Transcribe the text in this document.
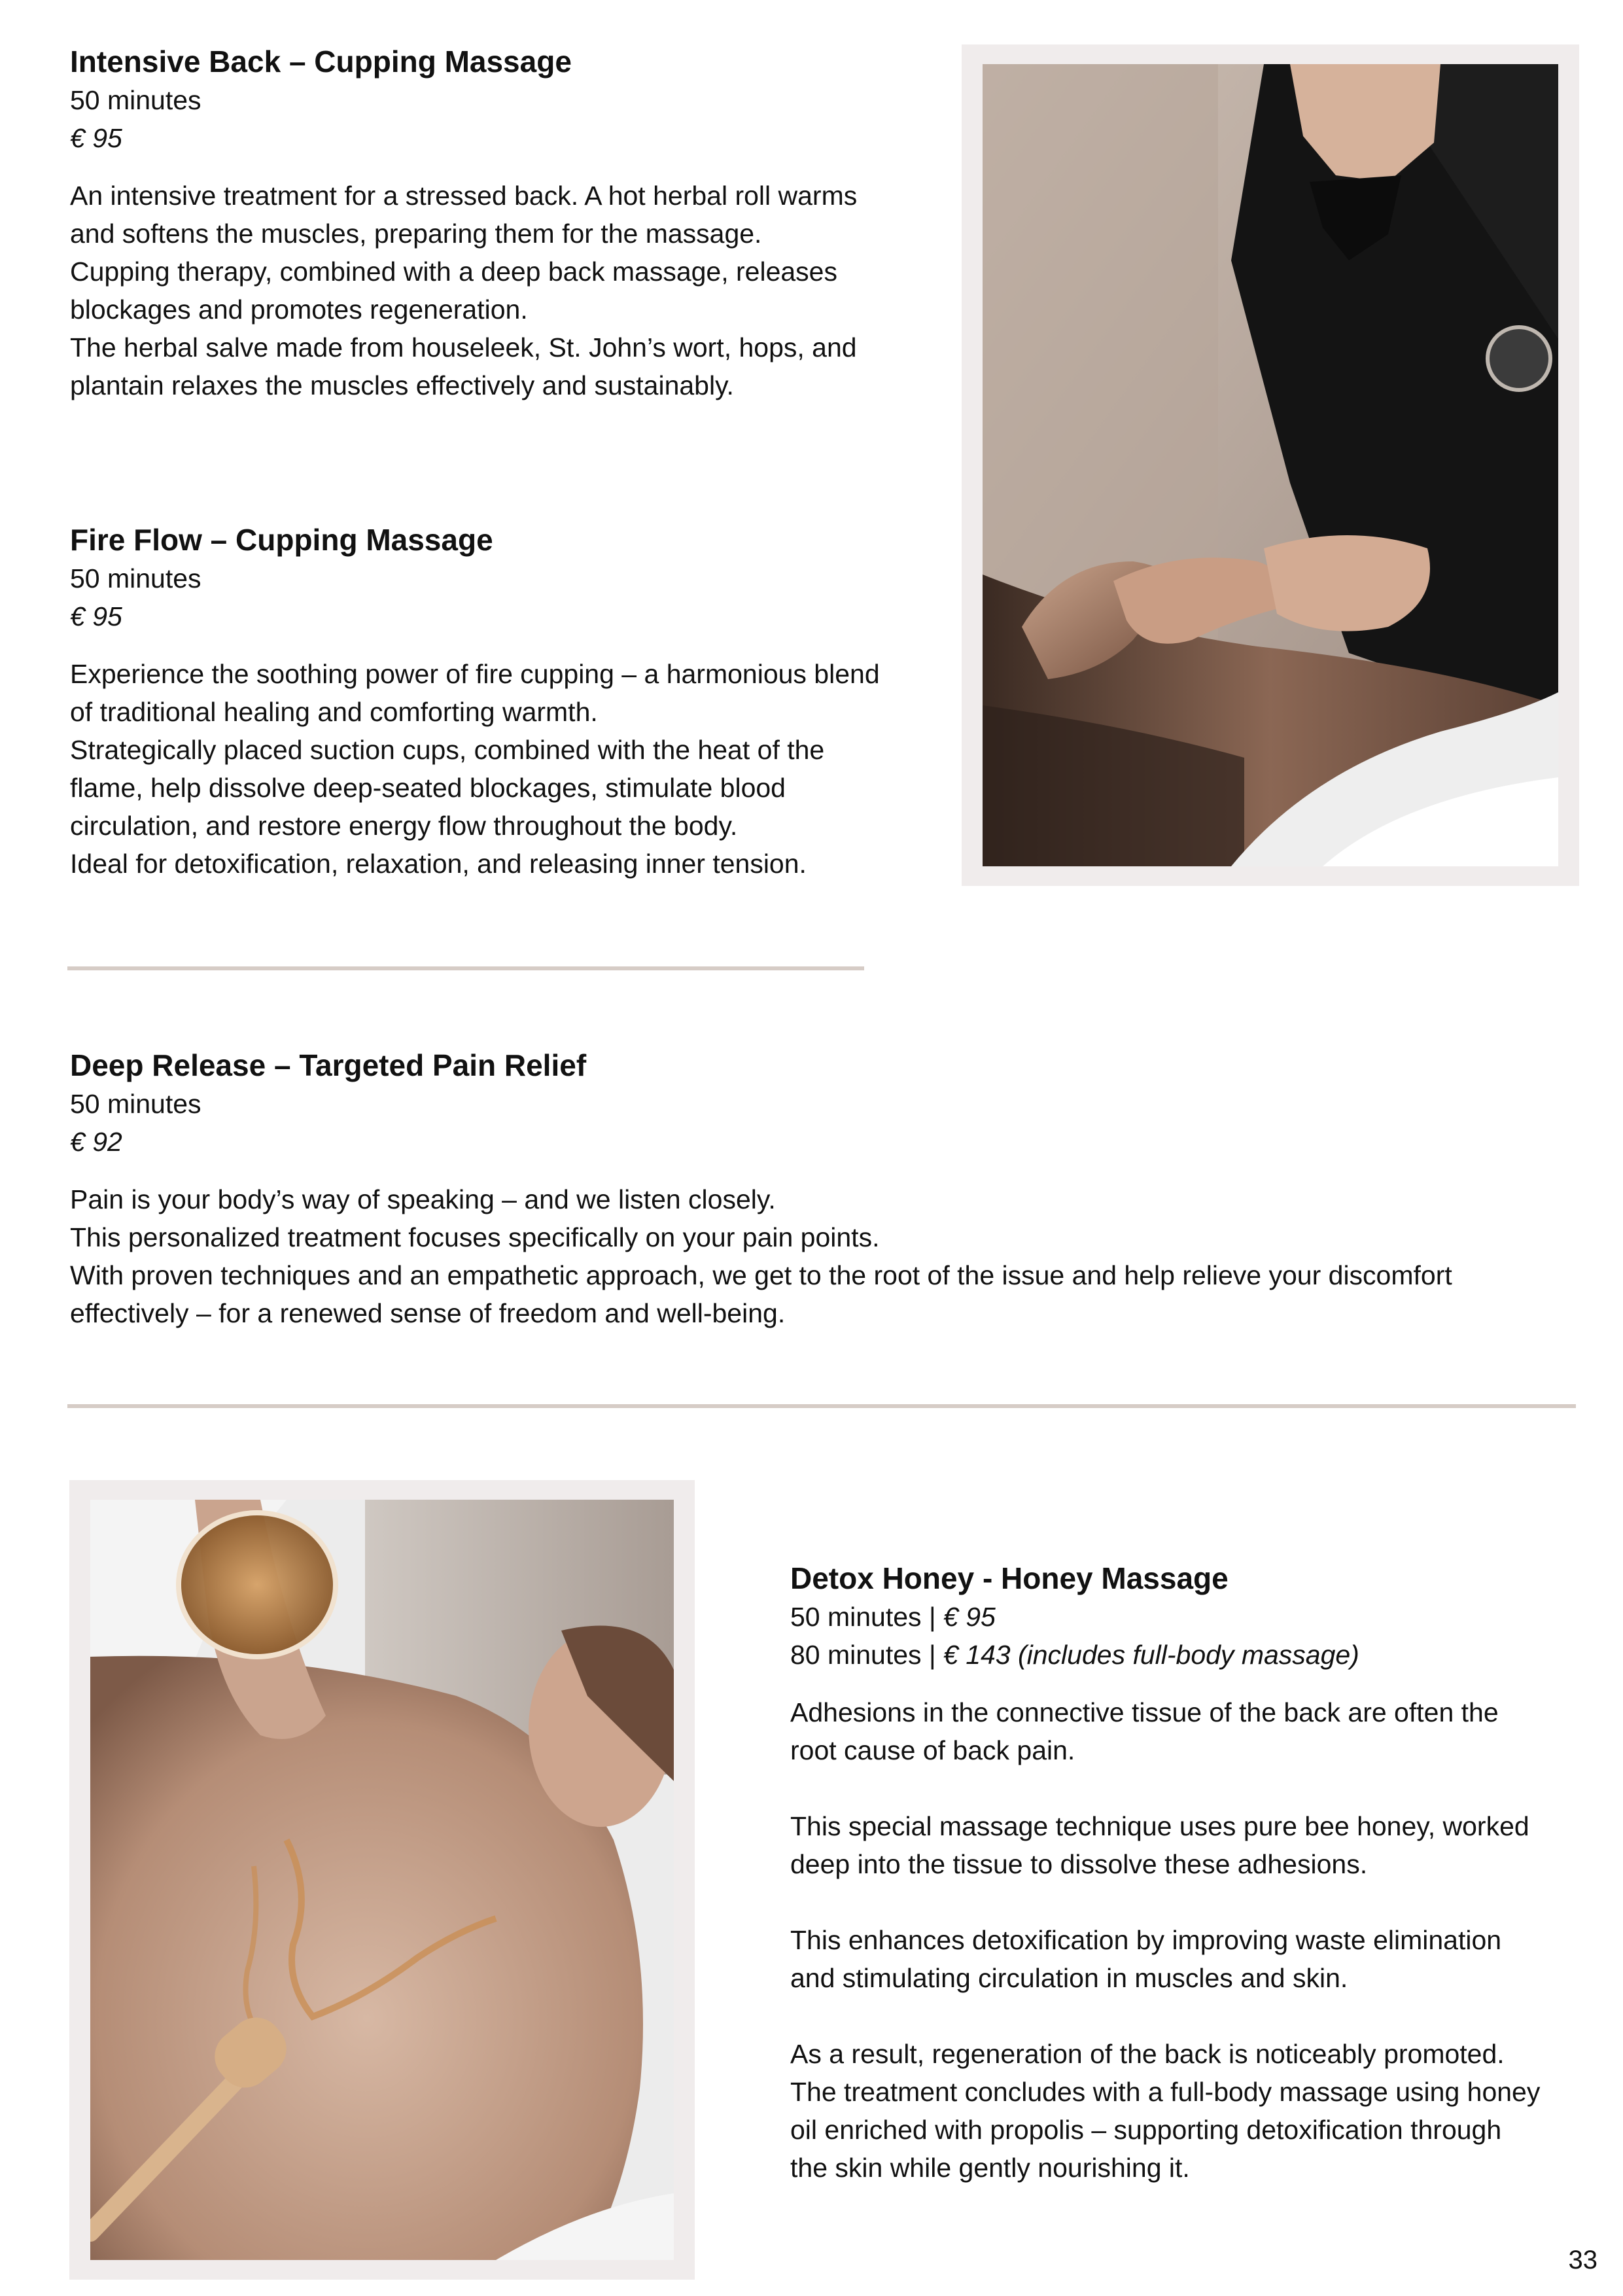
Intensive Back – Cupping Massage
50 minutes
€ 95

An intensive treatment for a stressed back. A hot herbal roll warms

and softens the muscles, preparing them for the massage.

Cupping therapy, combined with a deep back massage, releases

blockages and promotes regeneration.

The herbal salve made from houseleek, St. John’s wort, hops, and

plantain relaxes the muscles effectively and sustainably.

Fire Flow – Cupping Massage
50 minutes
€ 95

Experience the soothing power of fire cupping – a harmonious blend

of traditional healing and comforting warmth.

Strategically placed suction cups, combined with the heat of the

flame, help dissolve deep-seated blockages, stimulate blood

circulation, and restore energy flow throughout the body.

Ideal for detoxification, relaxation, and releasing inner tension.

Deep Release – Targeted Pain Relief
50 minutes
€ 92

Pain is your body’s way of speaking – and we listen closely.

This personalized treatment focuses specifically on your pain points.

With proven techniques and an empathetic approach, we get to the root of the issue and help relieve your discomfort

effectively – for a renewed sense of freedom and well-being.

Detox Honey - Honey Massage
50 minutes | € 95
80 minutes | € 143 (includes full-body massage)

Adhesions in the connective tissue of the back are often the

root cause of back pain.

This special massage technique uses pure bee honey, worked

deep into the tissue to dissolve these adhesions.

This enhances detoxification by improving waste elimination

and stimulating circulation in muscles and skin.

As a result, regeneration of the back is noticeably promoted.

The treatment concludes with a full-body massage using honey

oil enriched with propolis – supporting detoxification through

the skin while gently nourishing it.

33
